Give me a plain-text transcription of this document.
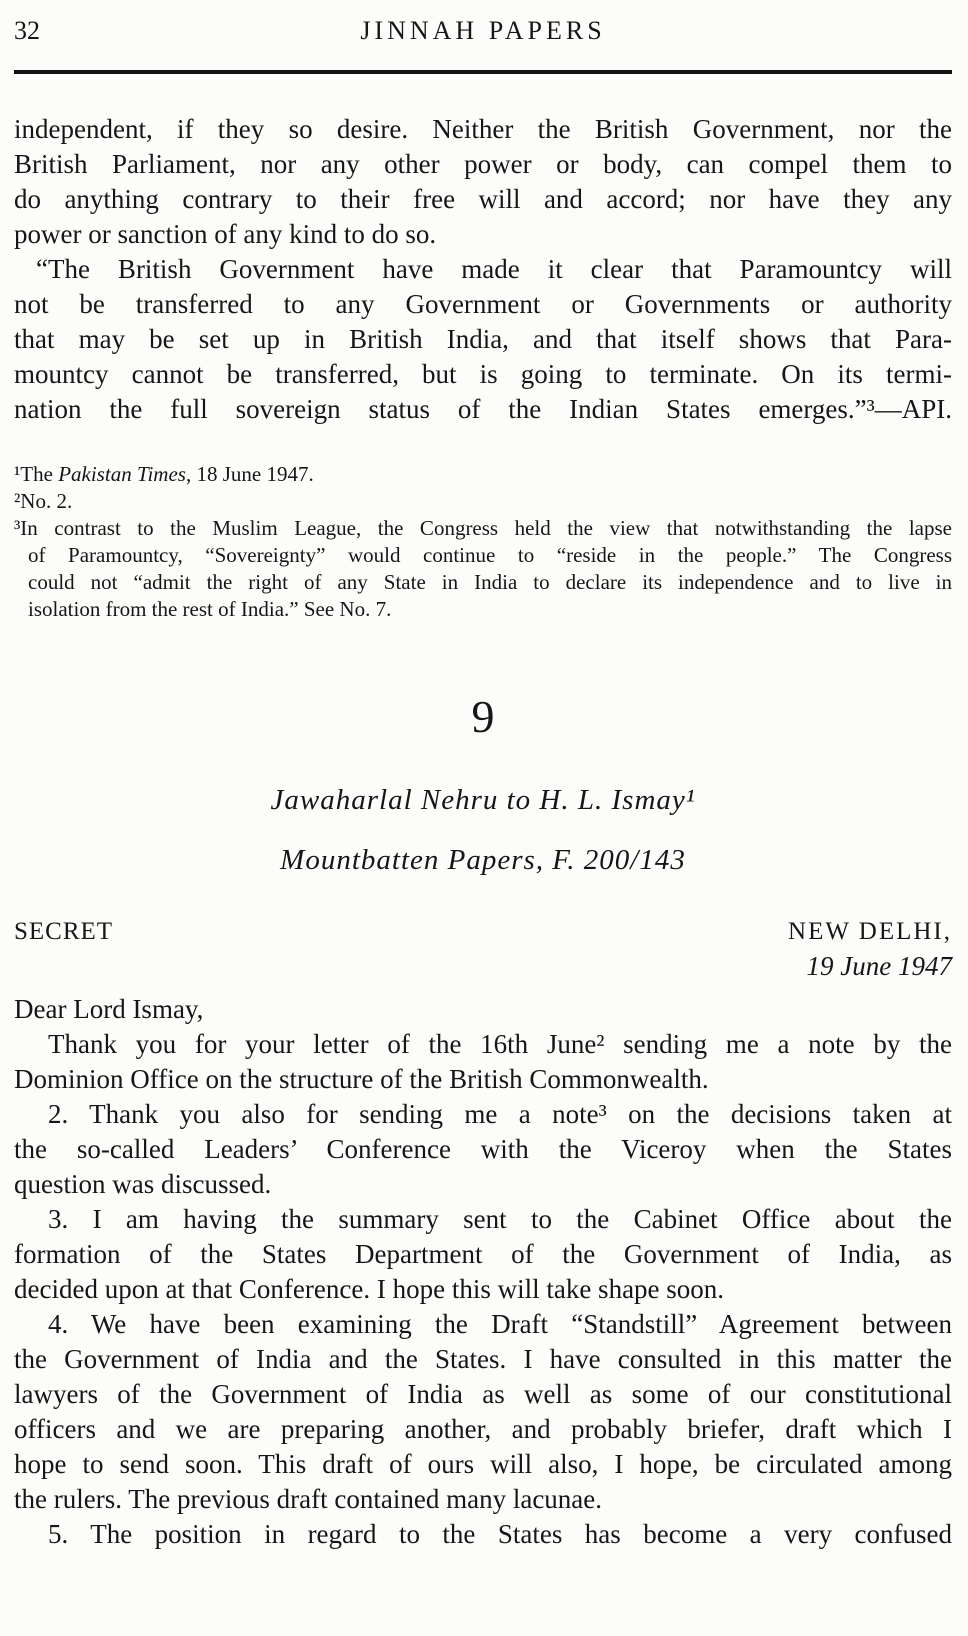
32	JINNAH PAPERS
independent, if they so desire. Neither the British Government, nor the
British Parliament, nor any other power or body, can compel them to
do anything contrary to their free will and accord; nor have they any
power or sanction of any kind to do so.
“The British Government have made it clear that Paramountcy will
not be transferred to any Government or Governments or authority
that may be set up in British India, and that itself shows that Para-
mountcy cannot be transferred, but is going to terminate. On its termi-
nation the full sovereign status of the Indian States emerges.”³—API.
¹The Pakistan Times, 18 June 1947.
²No. 2.
³In contrast to the Muslim League, the Congress held the view that notwithstanding the lapse
of Paramountcy, “Sovereignty” would continue to “reside in the people.” The Congress
could not “admit the right of any State in India to declare its independence and to live in
isolation from the rest of India.” See No. 7.
9
Jawaharlal Nehru to H. L. Ismay¹
Mountbatten Papers, F. 200/143
SECRET	NEW DELHI,
19 June 1947
Dear Lord Ismay,
Thank you for your letter of the 16th June² sending me a note by the
Dominion Office on the structure of the British Commonwealth.
2. Thank you also for sending me a note³ on the decisions taken at
the so-called Leaders’ Conference with the Viceroy when the States
question was discussed.
3. I am having the summary sent to the Cabinet Office about the
formation of the States Department of the Government of India, as
decided upon at that Conference. I hope this will take shape soon.
4. We have been examining the Draft “Standstill” Agreement between
the Government of India and the States. I have consulted in this matter the
lawyers of the Government of India as well as some of our constitutional
officers and we are preparing another, and probably briefer, draft which I
hope to send soon. This draft of ours will also, I hope, be circulated among
the rulers. The previous draft contained many lacunae.
5. The position in regard to the States has become a very confused
